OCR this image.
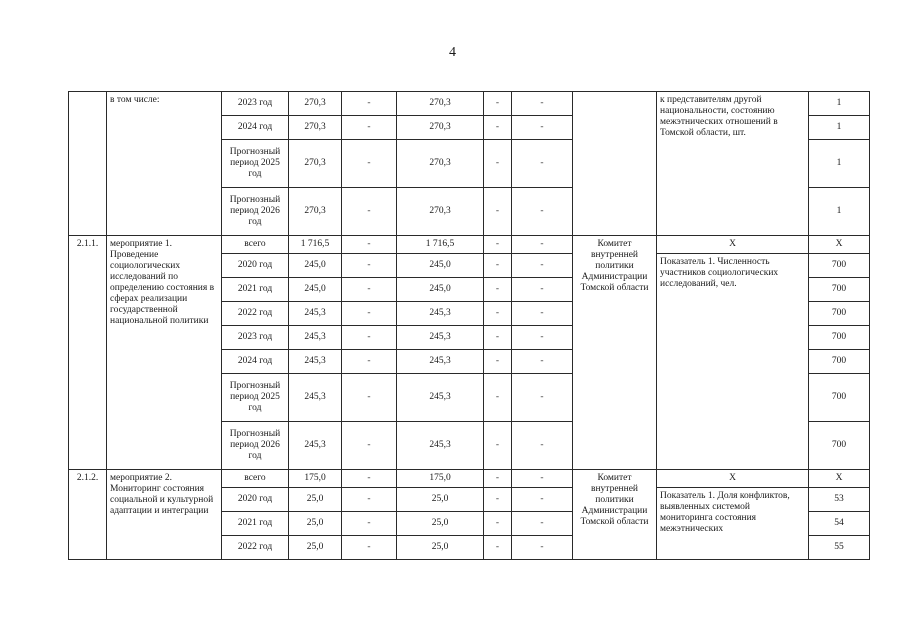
4
	в том числе:	2023 год	270,3	-	270,3	-	-		к представителям другой национальности, состоянию межэтнических отношений в Томской области, шт.	1
		2024 год	270,3	-	270,3	-	-			1
		Прогнозный период 2025 год	270,3	-	270,3	-	-			1
		Прогнозный период 2026 год	270,3	-	270,3	-	-			1
2.1.1.	мероприятие 1. Проведение социологических исследований по определению состояния в сферах реализации государственной национальной политики	всего	1 716,5	-	1 716,5	-	-	Комитет внутренней политики Администрации Томской области	X	X
		2020 год	245,0	-	245,0	-	-		Показатель 1. Численность участников социологических исследований, чел.	700
		2021 год	245,0	-	245,0	-	-			700
		2022 год	245,3	-	245,3	-	-			700
		2023 год	245,3	-	245,3	-	-			700
		2024 год	245,3	-	245,3	-	-			700
		Прогнозный период 2025 год	245,3	-	245,3	-	-			700
		Прогнозный период 2026 год	245,3	-	245,3	-	-			700
2.1.2.	мероприятие 2. Мониторинг состояния социальной и культурной адаптации и интеграции	всего	175,0	-	175,0	-	-	Комитет внутренней политики Администрации Томской области	X	X
		2020 год	25,0	-	25,0	-	-		Показатель 1. Доля конфликтов, выявленных системой мониторинга состояния межэтнических	53
		2021 год	25,0	-	25,0	-	-			54
		2022 год	25,0	-	25,0	-	-			55
